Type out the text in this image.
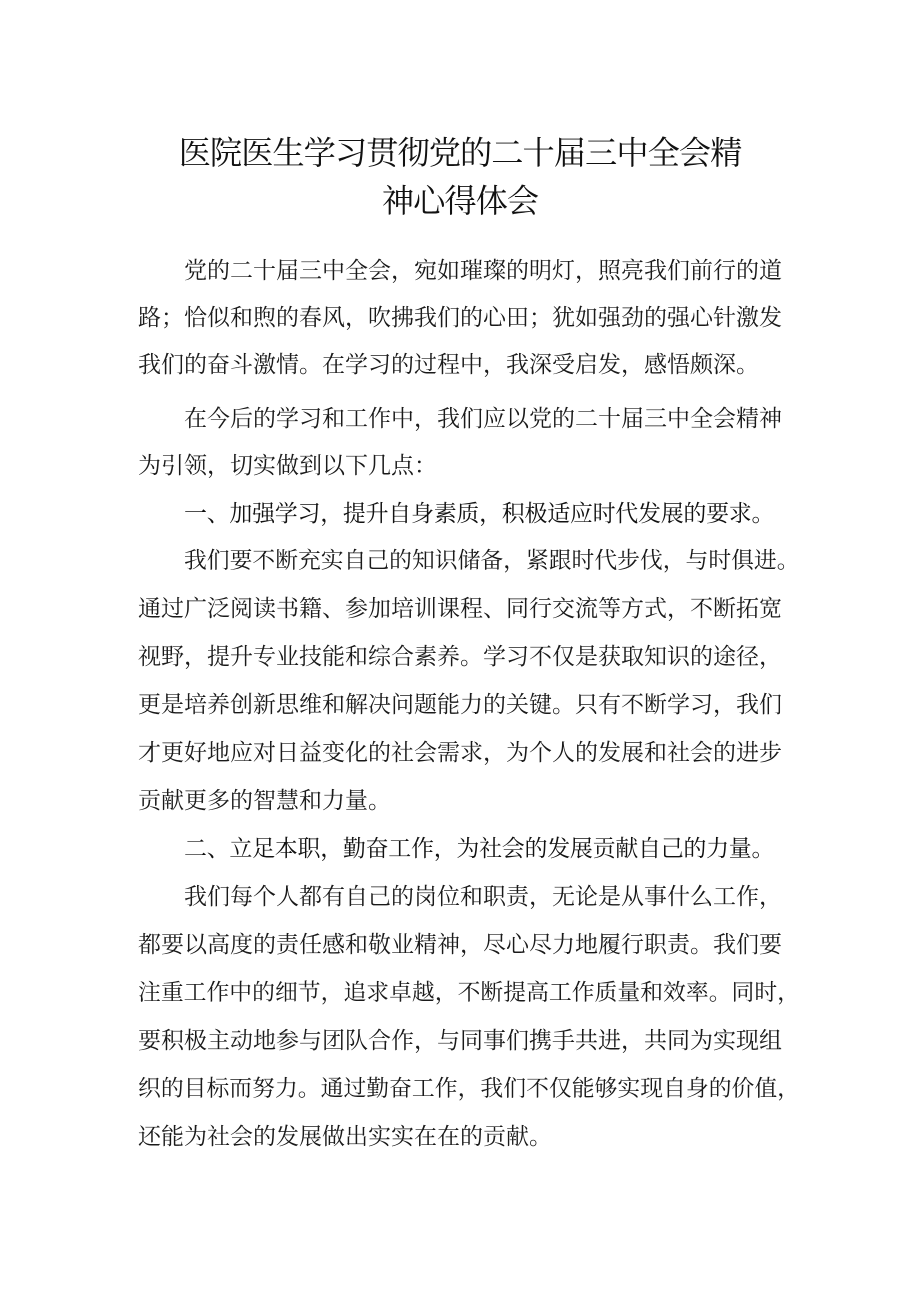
医院医生学习贯彻党的二十届三中全会精
神心得体会

党的二十届三中全会，宛如璀璨的明灯，照亮我们前行的道

路；恰似和煦的春风，吹拂我们的心田；犹如强劲的强心针激发

我们的奋斗激情。在学习的过程中，我深受启发，感悟颇深。

在今后的学习和工作中，我们应以党的二十届三中全会精神

为引领，切实做到以下几点：

一、加强学习，提升自身素质，积极适应时代发展的要求。

我们要不断充实自己的知识储备，紧跟时代步伐，与时俱进。

通过广泛阅读书籍、参加培训课程、同行交流等方式，不断拓宽

视野，提升专业技能和综合素养。学习不仅是获取知识的途径，

更是培养创新思维和解决问题能力的关键。只有不断学习，我们

才更好地应对日益变化的社会需求，为个人的发展和社会的进步

贡献更多的智慧和力量。

二、立足本职，勤奋工作，为社会的发展贡献自己的力量。

我们每个人都有自己的岗位和职责，无论是从事什么工作，

都要以高度的责任感和敬业精神，尽心尽力地履行职责。我们要

注重工作中的细节，追求卓越，不断提高工作质量和效率。同时，

要积极主动地参与团队合作，与同事们携手共进，共同为实现组

织的目标而努力。通过勤奋工作，我们不仅能够实现自身的价值，

还能为社会的发展做出实实在在的贡献。
